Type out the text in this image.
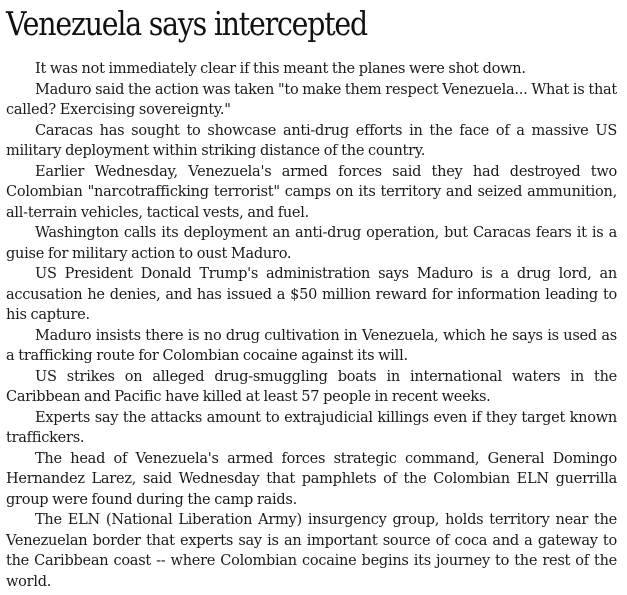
Venezuela says intercepted

It was not immediately clear if this meant the planes were shot down.

Maduro said the action was taken "to make them respect Venezuela... What is that called? Exercising sovereignty."

Caracas has sought to showcase anti-drug efforts in the face of a massive US military deployment within striking distance of the country.

Earlier Wednesday, Venezuela's armed forces said they had destroyed two Colombian "narcotrafficking terrorist" camps on its territory and seized ammunition, all-terrain vehicles, tactical vests, and fuel.

Washington calls its deployment an anti-drug operation, but Caracas fears it is a guise for military action to oust Maduro.

US President Donald Trump's administration says Maduro is a drug lord, an accusation he denies, and has issued a $50 million reward for information leading to his capture.

Maduro insists there is no drug cultivation in Venezuela, which he says is used as a trafficking route for Colombian cocaine against its will.

US strikes on alleged drug-smuggling boats in international waters in the Caribbean and Pacific have killed at least 57 people in recent weeks.

Experts say the attacks amount to extrajudicial killings even if they target known traffickers.

The head of Venezuela's armed forces strategic command, General Domingo Hernandez Larez, said Wednesday that pamphlets of the Colombian ELN guerrilla group were found during the camp raids.

The ELN (National Liberation Army) insurgency group, holds territory near the Venezuelan border that experts say is an important source of coca and a gateway to the Caribbean coast -- where Colombian cocaine begins its journey to the rest of the world.
